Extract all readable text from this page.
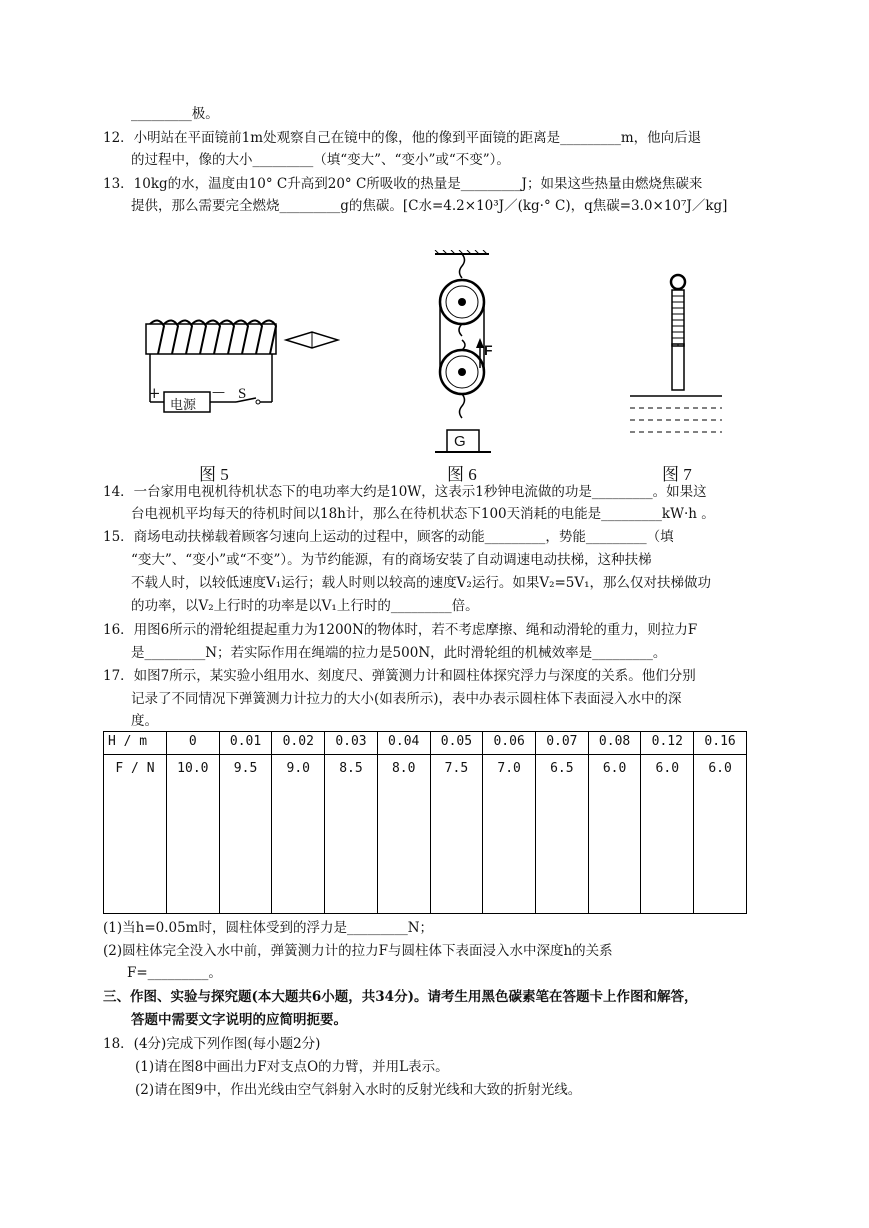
_________极。
12．小明站在平面镜前1m处观察自己在镜中的像，他的像到平面镜的距离是_________m，他向后退
的过程中，像的大小_________（填“变大”、“变小”或“不变”）。
13．10kg的水，温度由10° C升高到20° C所吸收的热量是_________J；如果这些热量由燃烧焦碳来
提供，那么需要完全燃烧_________g的焦碳。[C水=4.2×10³J／(kg·° C)，q焦碳=3.0×10⁷J／kg]
+	—
电源
S
图 5
F
G
图 6	图 7
14．一台家用电视机待机状态下的电功率大约是10W，这表示1秒钟电流做的功是_________。如果这
台电视机平均每天的待机时间以18h计，那么在待机状态下100天消耗的电能是_________kW·h 。
15．商场电动扶梯载着顾客匀速向上运动的过程中，顾客的动能_________，势能_________（填
“变大”、“变小”或“不变”）。为节约能源，有的商场安装了自动调速电动扶梯，这种扶梯
不载人时，以较低速度V₁运行；载人时则以较高的速度V₂运行。如果V₂=5V₁，那么仅对扶梯做功
的功率，以V₂上行时的功率是以V₁上行时的_________倍。
16．用图6所示的滑轮组提起重力为1200N的物体时，若不考虑摩擦、绳和动滑轮的重力，则拉力F
是_________N；若实际作用在绳端的拉力是500N，此时滑轮组的机械效率是_________。
17．如图7所示，某实验小组用水、刻度尺、弹簧测力计和圆柱体探究浮力与深度的关系。他们分别
记录了不同情况下弹簧测力计拉力的大小(如表所示)，表中办表示圆柱体下表面浸入水中的深
度。
H / m	0	0.01	0.02	0.03	0.04	0.05	0.06	0.07	0.08	0.12	0.16
F / N	10.0	9.5	9.0	8.5	8.0	7.5	7.0	6.5	6.0	6.0	6.0
(1)当h=0.05m时，圆柱体受到的浮力是_________N；
(2)圆柱体完全没入水中前，弹簧测力计的拉力F与圆柱体下表面浸入水中深度h的关系
F=_________。
三、作图、实验与探究题(本大题共6小题，共34分)。请考生用黑色碳素笔在答题卡上作图和解答，
答题中需要文字说明的应简明扼要。
18．(4分)完成下列作图(每小题2分)
(1)请在图8中画出力F对支点O的力臂，并用L表示。
(2)请在图9中，作出光线由空气斜射入水时的反射光线和大致的折射光线。
